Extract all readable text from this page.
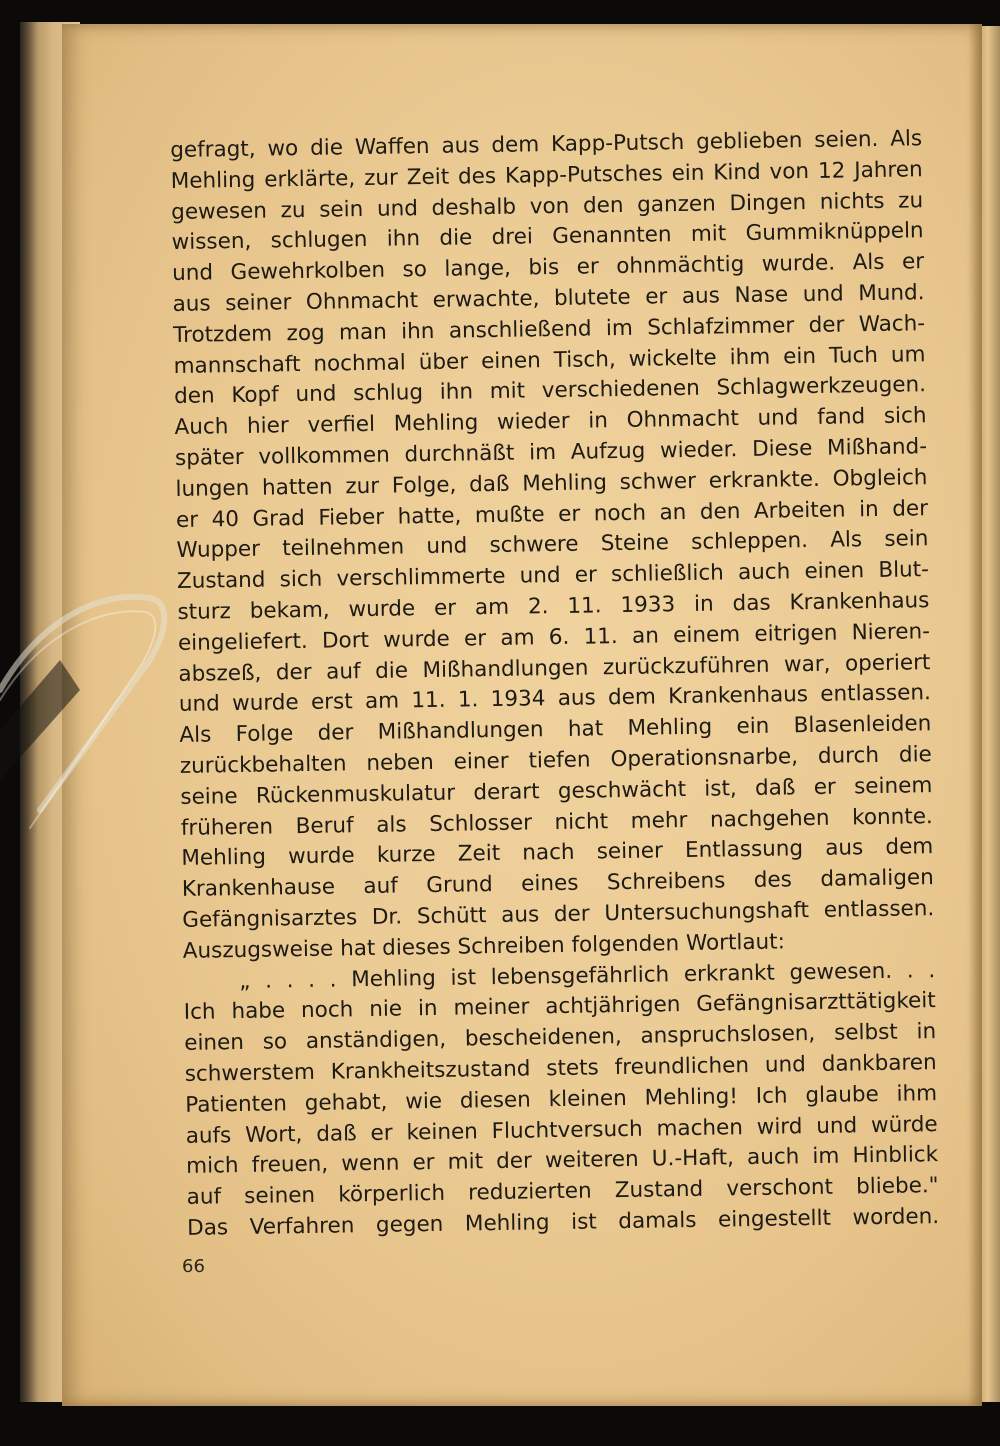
gefragt, wo die Waffen aus dem Kapp-Putsch geblieben seien. Als
Mehling erklärte, zur Zeit des Kapp-Putsches ein Kind von 12 Jahren
gewesen zu sein und deshalb von den ganzen Dingen nichts zu
wissen, schlugen ihn die drei Genannten mit Gummiknüppeln
und Gewehrkolben so lange, bis er ohnmächtig wurde. Als er
aus seiner Ohnmacht erwachte, blutete er aus Nase und Mund.
Trotzdem zog man ihn anschließend im Schlafzimmer der Wach-
mannschaft nochmal über einen Tisch, wickelte ihm ein Tuch um
den Kopf und schlug ihn mit verschiedenen Schlagwerkzeugen.
Auch hier verfiel Mehling wieder in Ohnmacht und fand sich
später vollkommen durchnäßt im Aufzug wieder. Diese Mißhand-
lungen hatten zur Folge, daß Mehling schwer erkrankte. Obgleich
er 40 Grad Fieber hatte, mußte er noch an den Arbeiten in der
Wupper teilnehmen und schwere Steine schleppen. Als sein
Zustand sich verschlimmerte und er schließlich auch einen Blut-
sturz bekam, wurde er am 2. 11. 1933 in das Krankenhaus
eingeliefert. Dort wurde er am 6. 11. an einem eitrigen Nieren-
abszeß, der auf die Mißhandlungen zurückzuführen war, operiert
und wurde erst am 11. 1. 1934 aus dem Krankenhaus entlassen.
Als Folge der Mißhandlungen hat Mehling ein Blasenleiden
zurückbehalten neben einer tiefen Operationsnarbe, durch die
seine Rückenmuskulatur derart geschwächt ist, daß er seinem
früheren Beruf als Schlosser nicht mehr nachgehen konnte.
Mehling wurde kurze Zeit nach seiner Entlassung aus dem
Krankenhause auf Grund eines Schreibens des damaligen
Gefängnisarztes Dr. Schütt aus der Untersuchungshaft entlassen.
Auszugsweise hat dieses Schreiben folgenden Wortlaut:
„ . . . . Mehling ist lebensgefährlich erkrankt gewesen. . .
Ich habe noch nie in meiner achtjährigen Gefängnisarzttätigkeit
einen so anständigen, bescheidenen, anspruchslosen, selbst in
schwerstem Krankheitszustand stets freundlichen und dankbaren
Patienten gehabt, wie diesen kleinen Mehling! Ich glaube ihm
aufs Wort, daß er keinen Fluchtversuch machen wird und würde
mich freuen, wenn er mit der weiteren U.-Haft, auch im Hinblick
auf seinen körperlich reduzierten Zustand verschont bliebe."
Das Verfahren gegen Mehling ist damals eingestellt worden.
66
